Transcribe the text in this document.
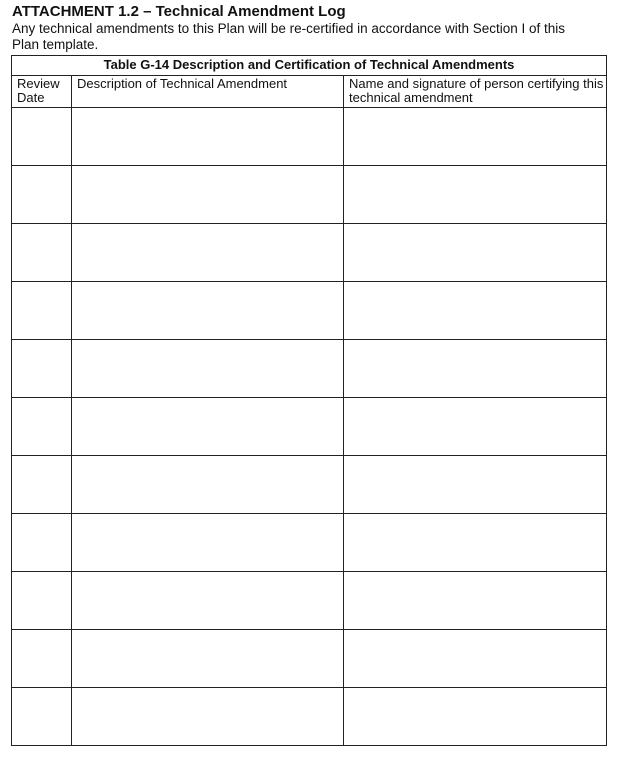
ATTACHMENT 1.2 – Technical Amendment Log
Any technical amendments to this Plan will be re-certified in accordance with Section I of this Plan template.
Table G-14 Description and Certification of Technical Amendments		
Review Date	Description of Technical Amendment	Name and signature of person certifying this technical amendment
